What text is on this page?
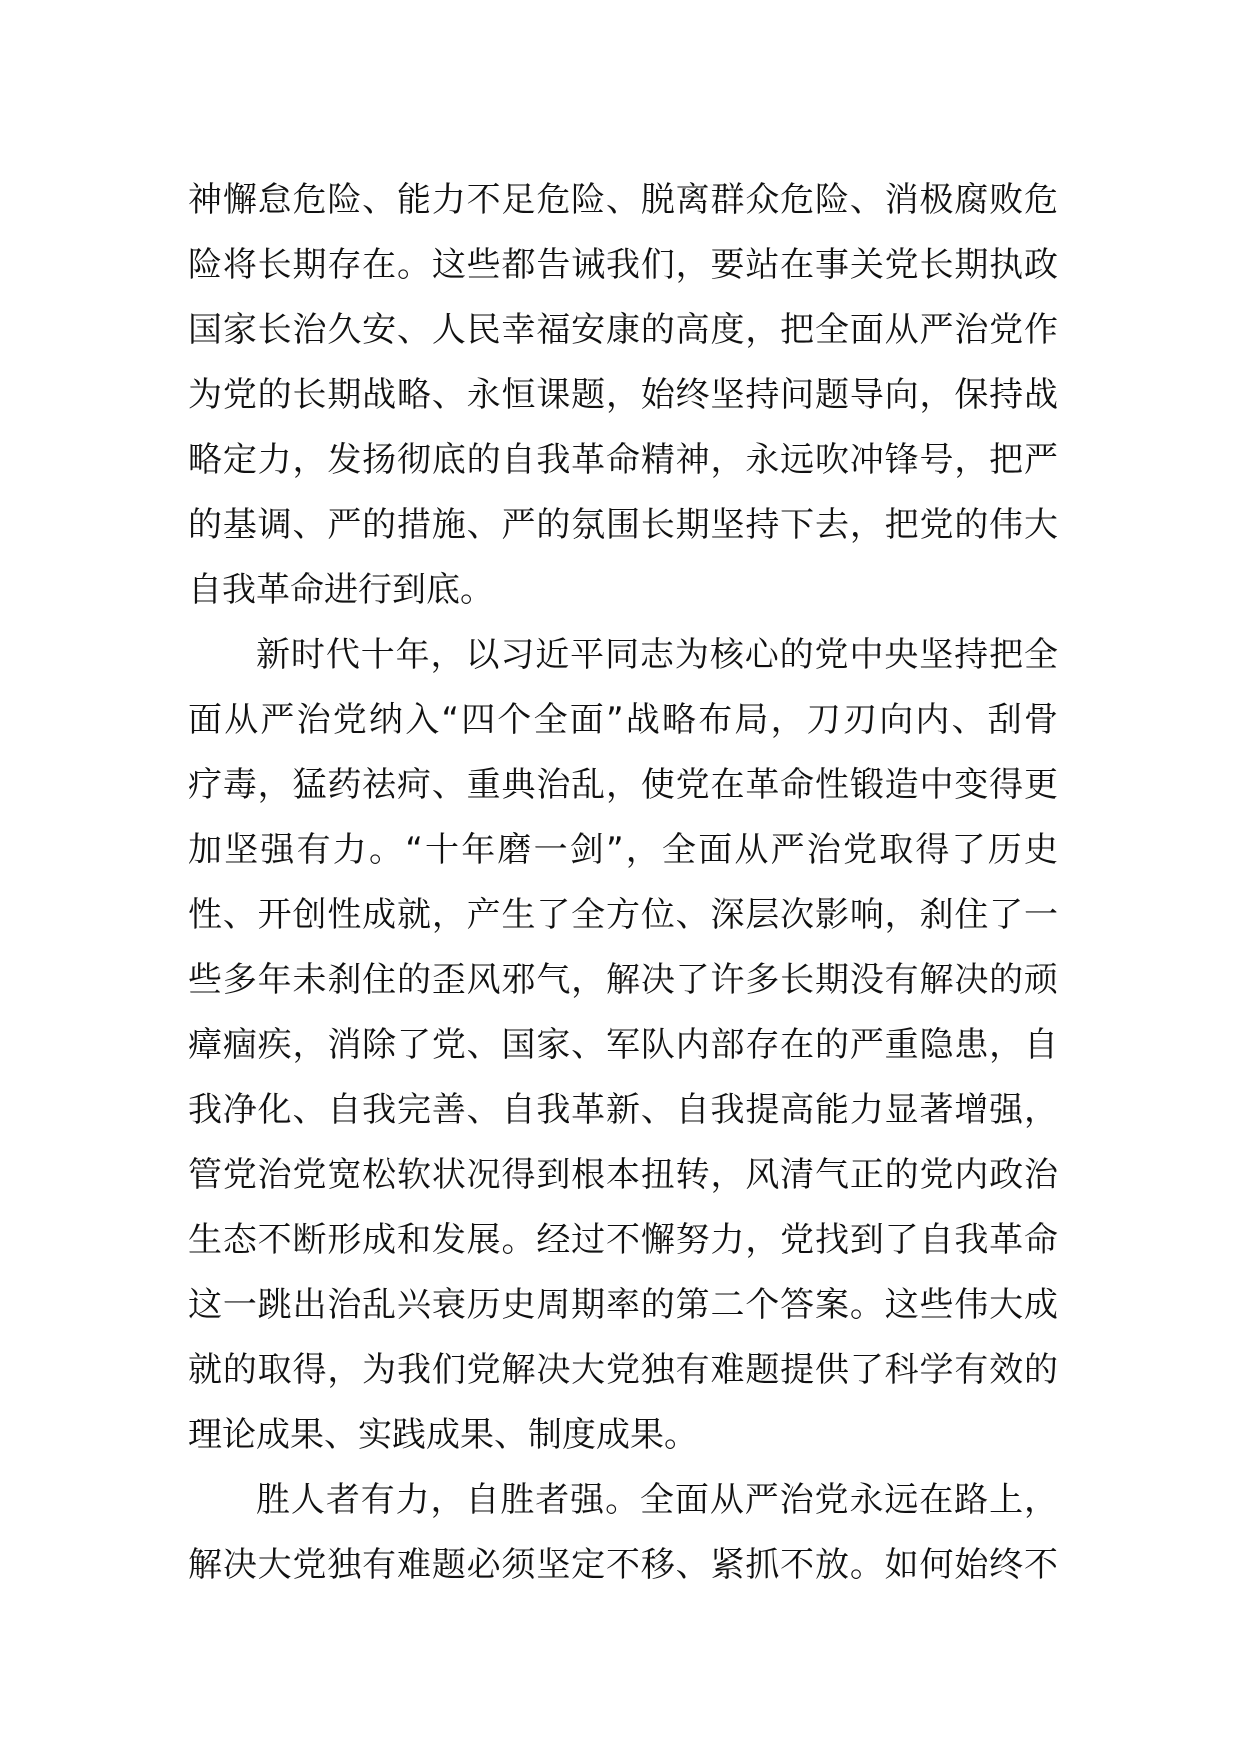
神懈怠危险、能力不足危险、脱离群众危险、消极腐败危
险将长期存在。这些都告诫我们，要站在事关党长期执政
国家长治久安、人民幸福安康的高度，把全面从严治党作
为党的长期战略、永恒课题，始终坚持问题导向，保持战
略定力，发扬彻底的自我革命精神，永远吹冲锋号，把严
的基调、严的措施、严的氛围长期坚持下去，把党的伟大
自我革命进行到底。
新时代十年，以习近平同志为核心的党中央坚持把全
面从严治党纳入“四个全面”战略布局，刀刃向内、刮骨
疗毒，猛药祛疴、重典治乱，使党在革命性锻造中变得更
加坚强有力。“十年磨一剑”，全面从严治党取得了历史
性、开创性成就，产生了全方位、深层次影响，刹住了一
些多年未刹住的歪风邪气，解决了许多长期没有解决的顽
瘴痼疾，消除了党、国家、军队内部存在的严重隐患，自
我净化、自我完善、自我革新、自我提高能力显著增强，
管党治党宽松软状况得到根本扭转，风清气正的党内政治
生态不断形成和发展。经过不懈努力，党找到了自我革命
这一跳出治乱兴衰历史周期率的第二个答案。这些伟大成
就的取得，为我们党解决大党独有难题提供了科学有效的
理论成果、实践成果、制度成果。
胜人者有力，自胜者强。全面从严治党永远在路上，
解决大党独有难题必须坚定不移、紧抓不放。如何始终不
